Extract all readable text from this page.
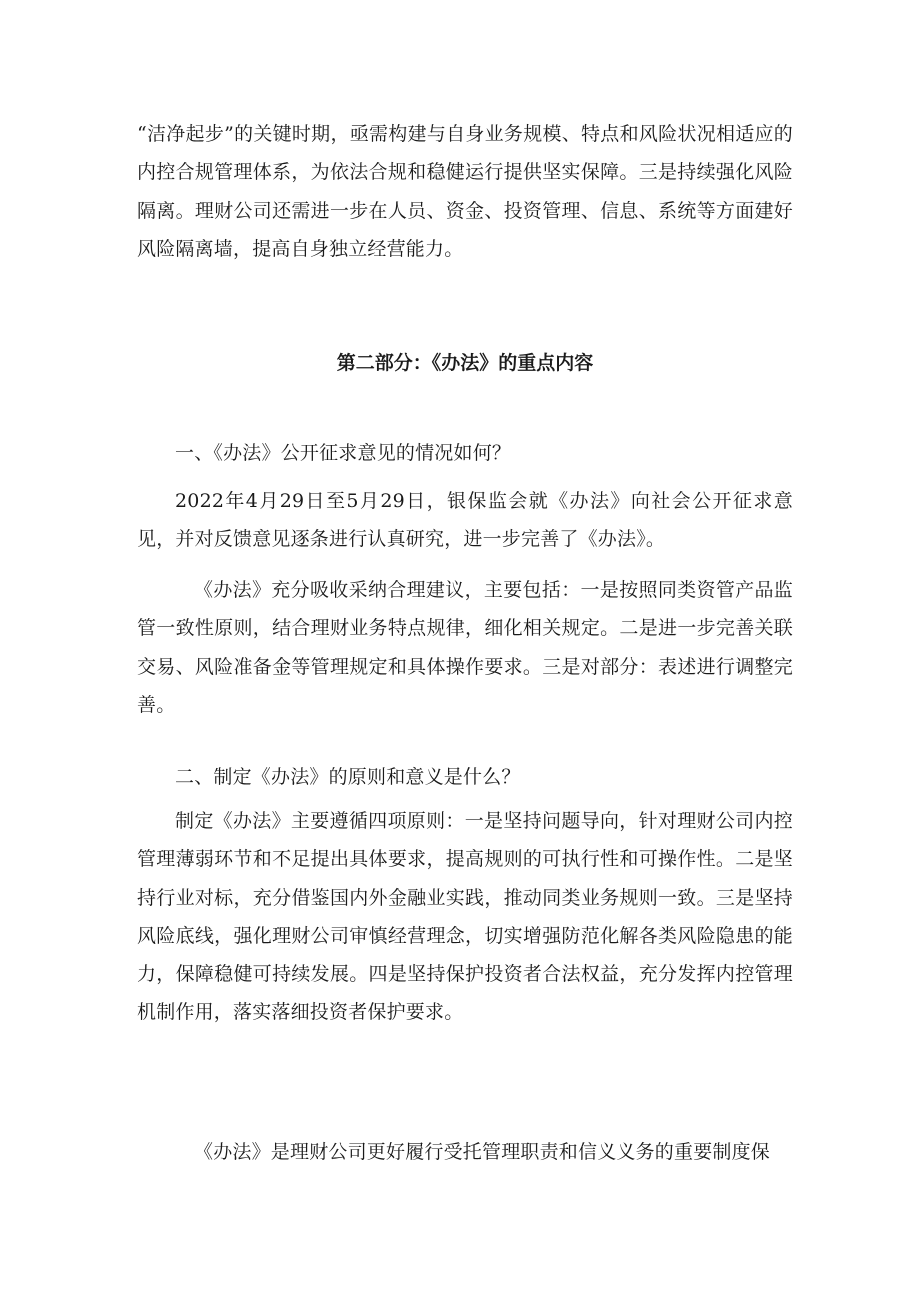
“洁净起步”的关键时期，亟需构建与自身业务规模、特点和风险状况相适应的内控合规管理体系，为依法合规和稳健运行提供坚实保障。三是持续强化风险隔离。理财公司还需进一步在人员、资金、投资管理、信息、系统等方面建好风险隔离墙，提高自身独立经营能力。

第二部分：《办法》的重点内容

一、《办法》公开征求意见的情况如何？

2022年4月29日至5月29日，银保监会就《办法》向社会公开征求意见，并对反馈意见逐条进行认真研究，进一步完善了《办法》。

《办法》充分吸收采纳合理建议，主要包括：一是按照同类资管产品监管一致性原则，结合理财业务特点规律，细化相关规定。二是进一步完善关联交易、风险准备金等管理规定和具体操作要求。三是对部分：表述进行调整完善。

二、制定《办法》的原则和意义是什么？

制定《办法》主要遵循四项原则：一是坚持问题导向，针对理财公司内控管理薄弱环节和不足提出具体要求，提高规则的可执行性和可操作性。二是坚持行业对标，充分借鉴国内外金融业实践，推动同类业务规则一致。三是坚持风险底线，强化理财公司审慎经营理念，切实增强防范化解各类风险隐患的能力，保障稳健可持续发展。四是坚持保护投资者合法权益，充分发挥内控管理机制作用，落实落细投资者保护要求。

《办法》是理财公司更好履行受托管理职责和信义义务的重要制度保
